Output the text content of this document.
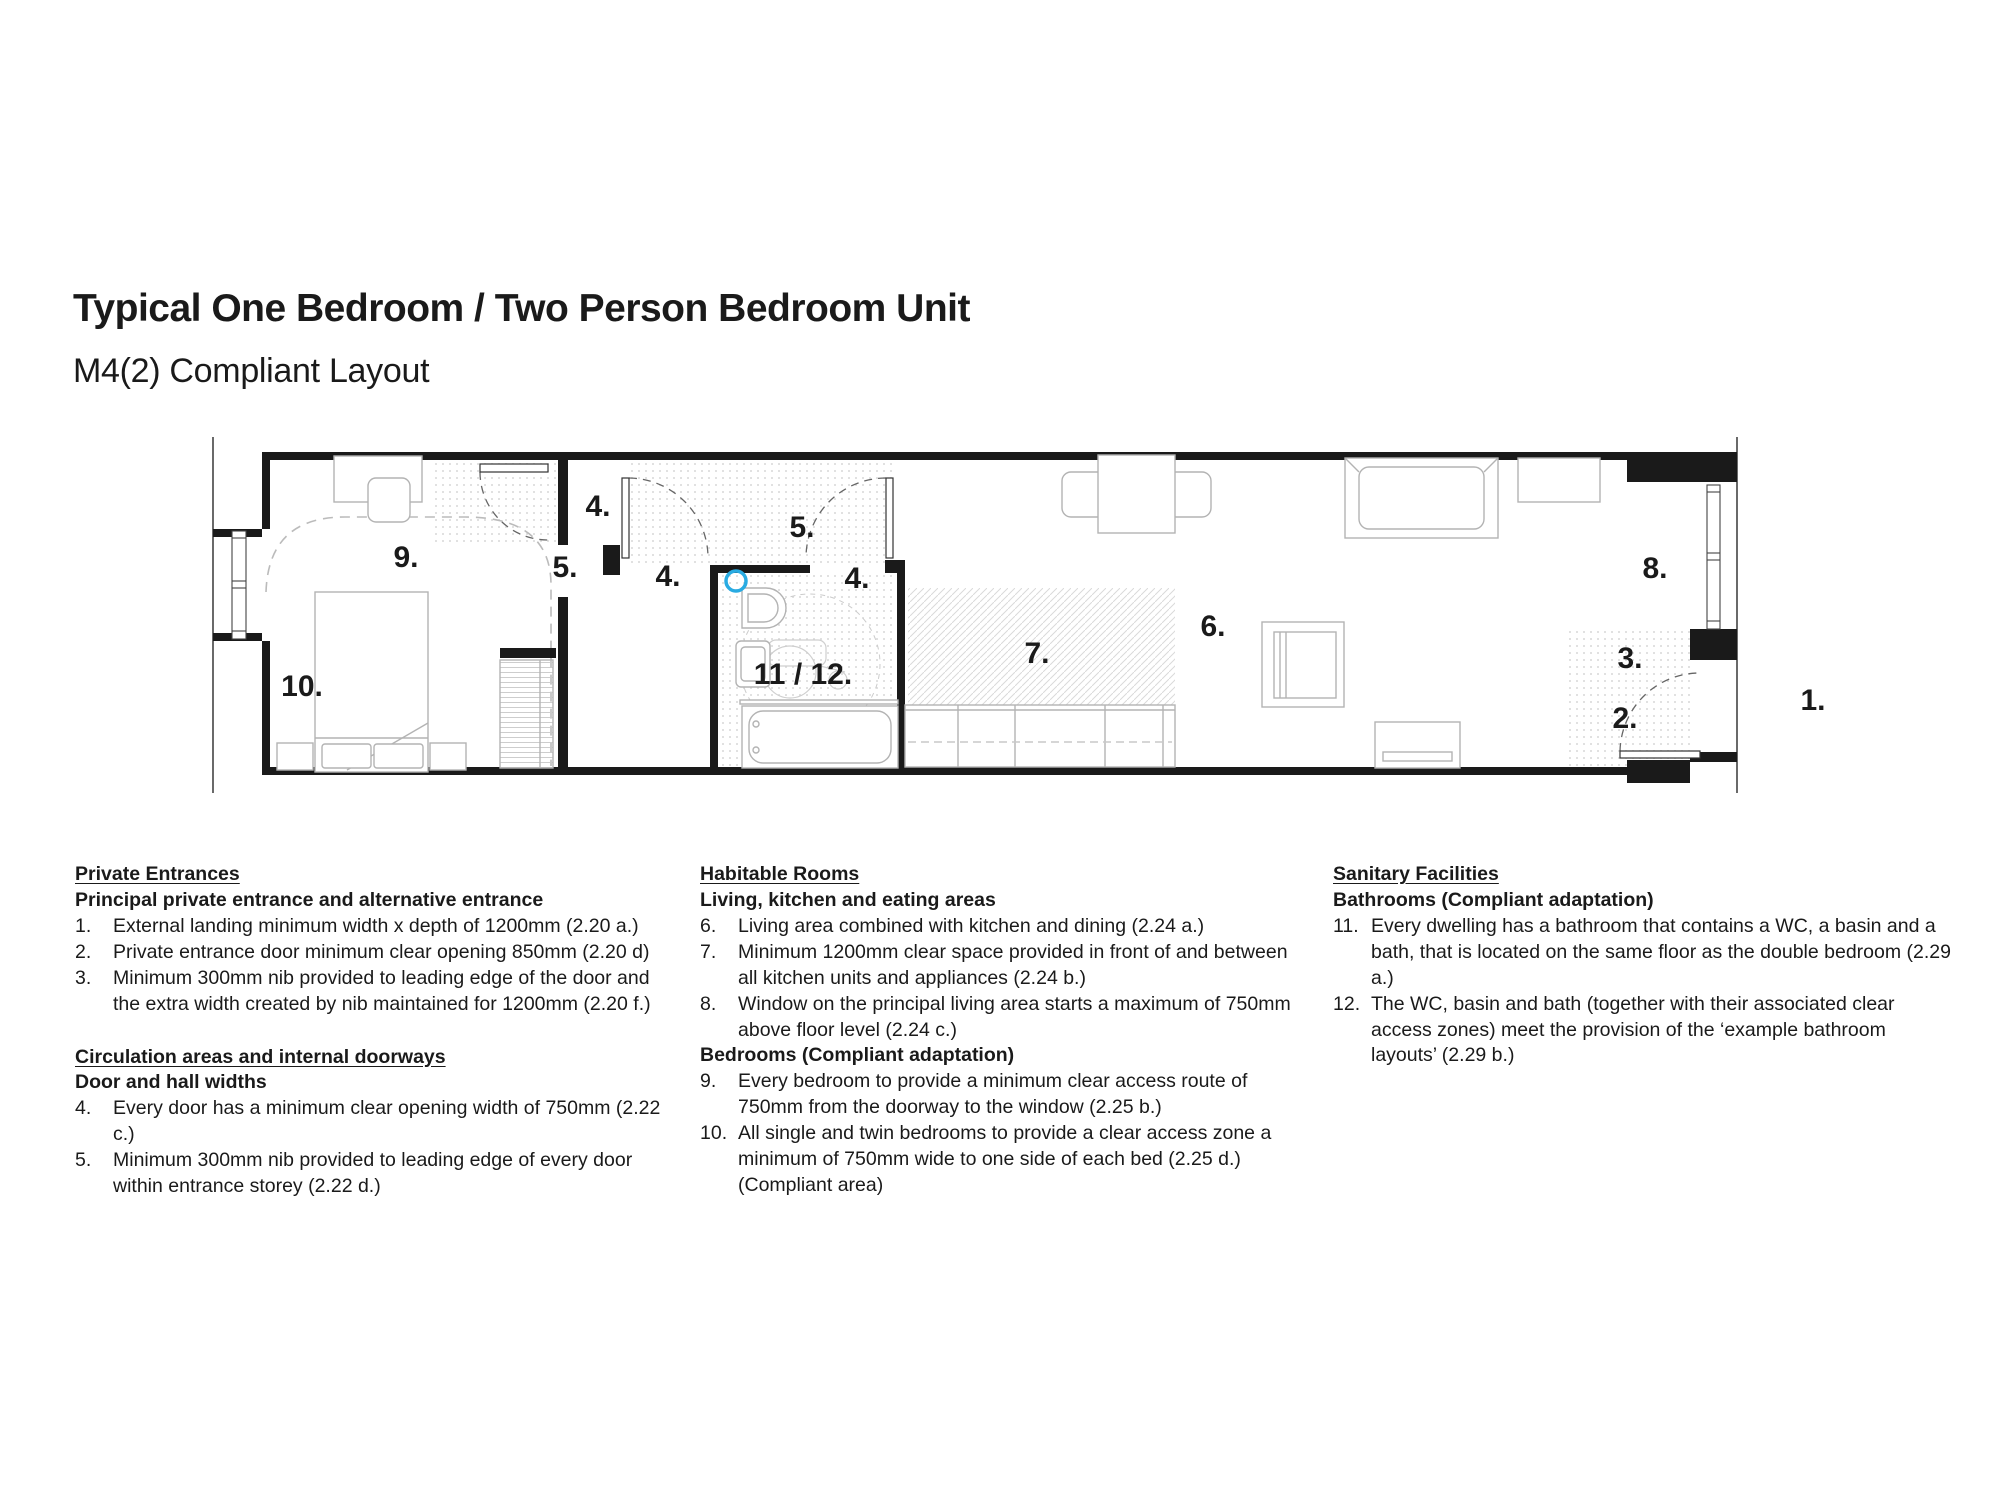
Typical One Bedroom / Two Person Bedroom Unit
M4(2) Compliant Layout
9.
10.
4.
5.	4.
5.
4.
11 / 12.
7.
6.
8.
3.
2.
1.
Private Entrances
Principal private entrance and alternative entrance
1.	External landing minimum width x depth of 1200mm (2.20 a.)
2.	Private entrance door minimum clear opening 850mm (2.20 d)
3.	Minimum 300mm nib provided to leading edge of the door and the extra width created by nib maintained for 1200mm (2.20 f.)
Circulation areas and internal doorways
Door and hall widths
4.	Every door has a minimum clear opening width of 750mm (2.22 c.)
5.	Minimum 300mm nib provided to leading edge of every door within entrance storey (2.22 d.)
Habitable Rooms
Living, kitchen and eating areas
6.	Living area combined with kitchen and dining (2.24 a.)
7.	Minimum 1200mm clear space provided in front of and between all kitchen units and appliances (2.24 b.)
8.	Window on the principal living area starts a maximum of 750mm above floor level (2.24 c.)
Bedrooms (Compliant adaptation)
9.	Every bedroom to provide a minimum clear access route of 750mm from the doorway to the window (2.25 b.)
10. All single and twin bedrooms to provide a clear access zone a minimum of 750mm wide to one side of each bed (2.25 d.) (Compliant area)
Sanitary Facilities
Bathrooms (Compliant adaptation)
11. Every dwelling has a bathroom that contains a WC, a basin and a bath, that is located on the same floor as the double bedroom (2.29 a.)
12. The WC, basin and bath (together with their associated clear access zones) meet the provision of the ‘example bathroom layouts’ (2.29 b.)
